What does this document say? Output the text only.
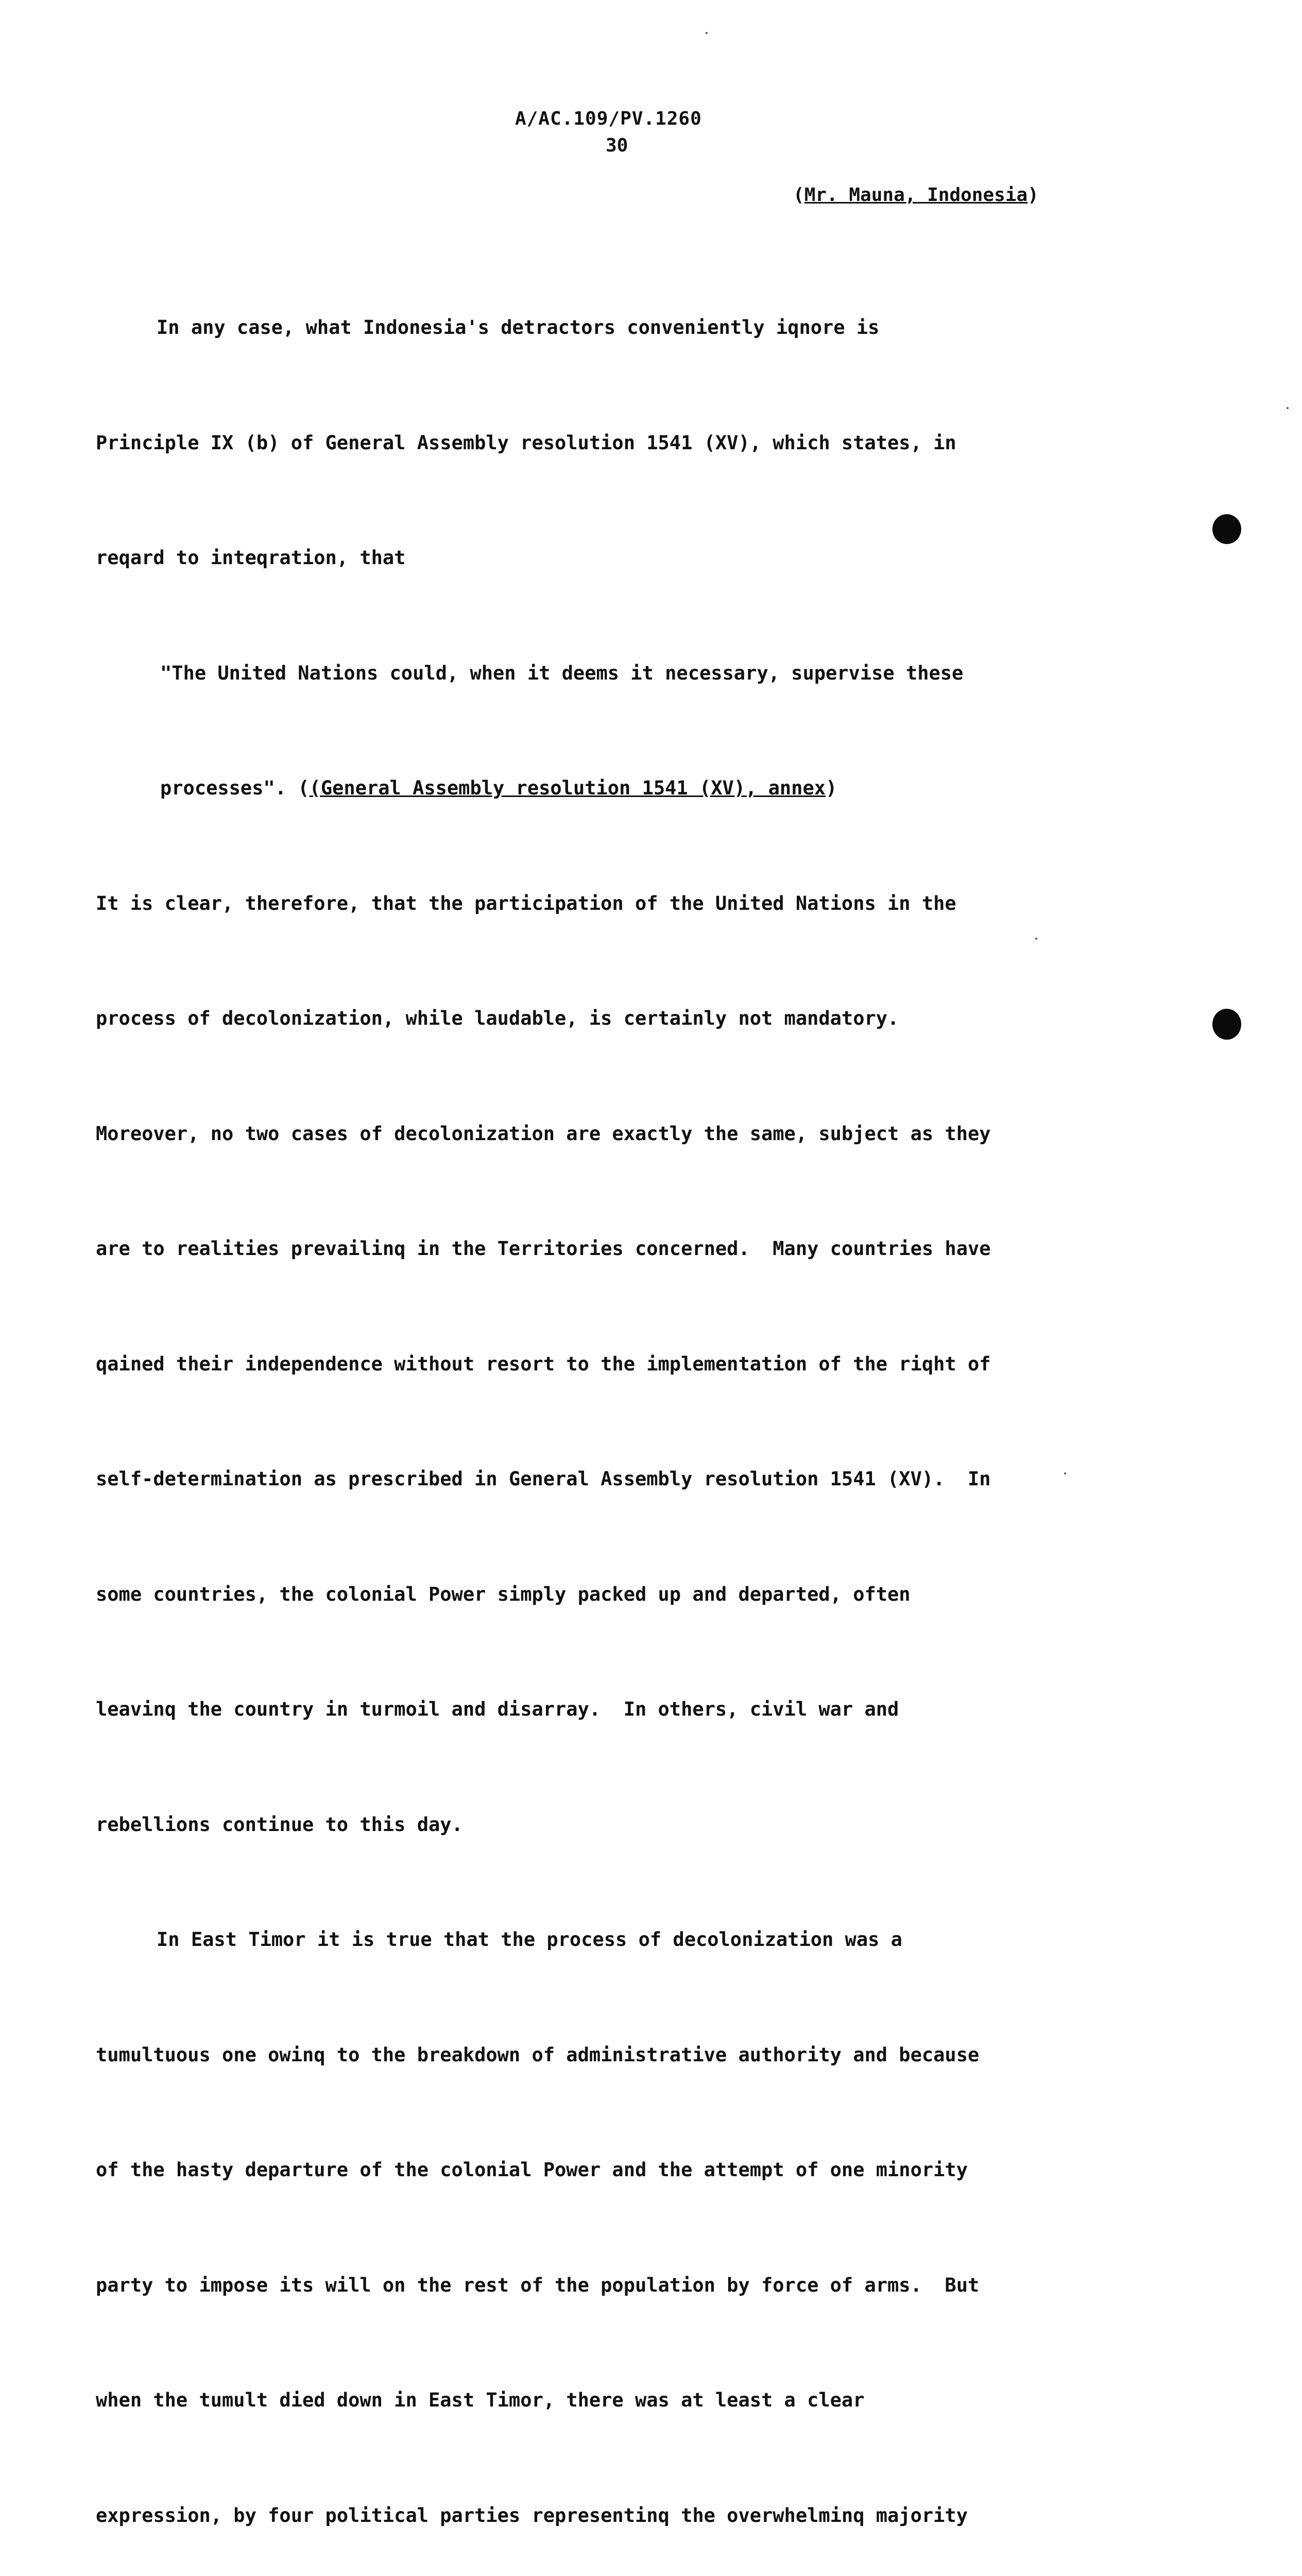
A/AC.109/PV.1260
30
(Mr. Mauna, Indonesia)

In any case, what Indonesia's detractors conveniently iqnore is

Principle IX (b) of General Assembly resolution 1541 (XV), which states, in

reqard to inteqration, that

"The United Nations could, when it deems it necessary, supervise these

processes". ((General Assembly resolution 1541 (XV), annex)

It is clear, therefore, that the participation of the United Nations in the

process of decolonization, while laudable, is certainly not mandatory.

Moreover, no two cases of decolonization are exactly the same, subject as they

are to realities prevailinq in the Territories concerned.  Many countries have

qained their independence without resort to the implementation of the riqht of

self-determination as prescribed in General Assembly resolution 1541 (XV).  In

some countries, the colonial Power simply packed up and departed, often

leavinq the country in turmoil and disarray.  In others, civil war and

rebellions continue to this day.

In East Timor it is true that the process of decolonization was a

tumultuous one owinq to the breakdown of administrative authority and because

of the hasty departure of the colonial Power and the attempt of one minority

party to impose its will on the rest of the population by force of arms.  But

when the tumult died down in East Timor, there was at least a clear

expression, by four political parties representinq the overwhelminq majority
